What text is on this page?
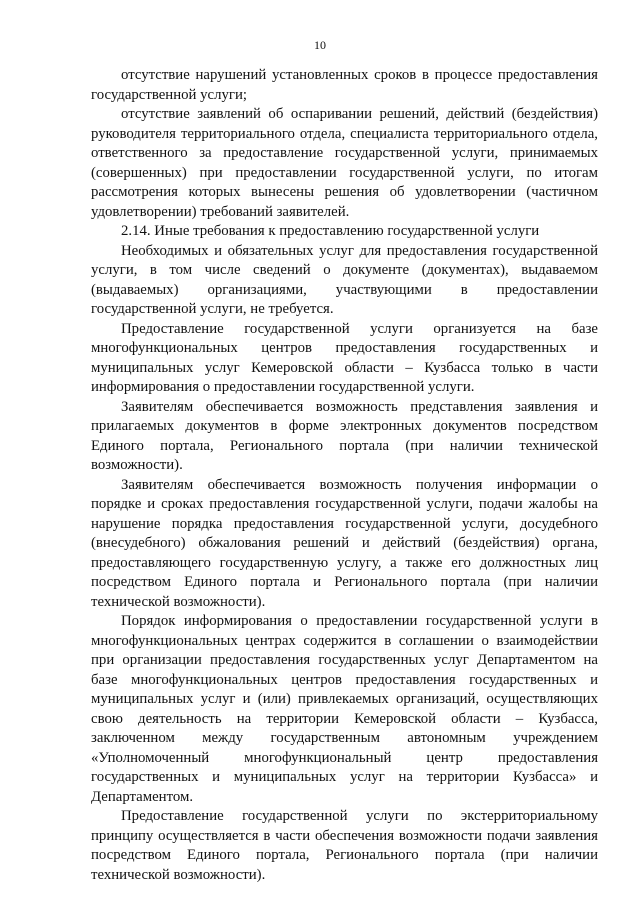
10

отсутствие нарушений установленных сроков в процессе предоставления государственной услуги;

отсутствие заявлений об оспаривании решений, действий (бездействия) руководителя территориального отдела, специалиста территориального отдела, ответственного за предоставление государственной услуги, принимаемых (совершенных) при предоставлении государственной услуги, по итогам рассмотрения которых вынесены решения об удовлетворении (частичном удовлетворении) требований заявителей.

2.14. Иные требования к предоставлению государственной услуги

Необходимых и обязательных услуг для предоставления государственной услуги, в том числе сведений о документе (документах), выдаваемом (выдаваемых) организациями, участвующими в предоставлении государственной услуги, не требуется.

Предоставление государственной услуги организуется на базе многофункциональных центров предоставления государственных и муниципальных услуг Кемеровской области – Кузбасса только в части информирования о предоставлении государственной услуги.

Заявителям обеспечивается возможность представления заявления и прилагаемых документов в форме электронных документов посредством Единого портала, Регионального портала (при наличии технической возможности).

Заявителям обеспечивается возможность получения информации о порядке и сроках предоставления государственной услуги, подачи жалобы на нарушение порядка предоставления государственной услуги, досудебного (внесудебного) обжалования решений и действий (бездействия) органа, предоставляющего государственную услугу, а также его должностных лиц посредством Единого портала и Регионального портала (при наличии технической возможности).

Порядок информирования о предоставлении государственной услуги в многофункциональных центрах содержится в соглашении о взаимодействии при организации предоставления государственных услуг Департаментом на базе многофункциональных центров предоставления государственных и муниципальных услуг и (или) привлекаемых организаций, осуществляющих свою деятельность на территории Кемеровской области – Кузбасса, заключенном между государственным автономным учреждением «Уполномоченный многофункциональный центр предоставления государственных и муниципальных услуг на территории Кузбасса» и Департаментом.

Предоставление государственной услуги по экстерриториальному принципу осуществляется в части обеспечения возможности подачи заявления посредством Единого портала, Регионального портала (при наличии технической возможности).
